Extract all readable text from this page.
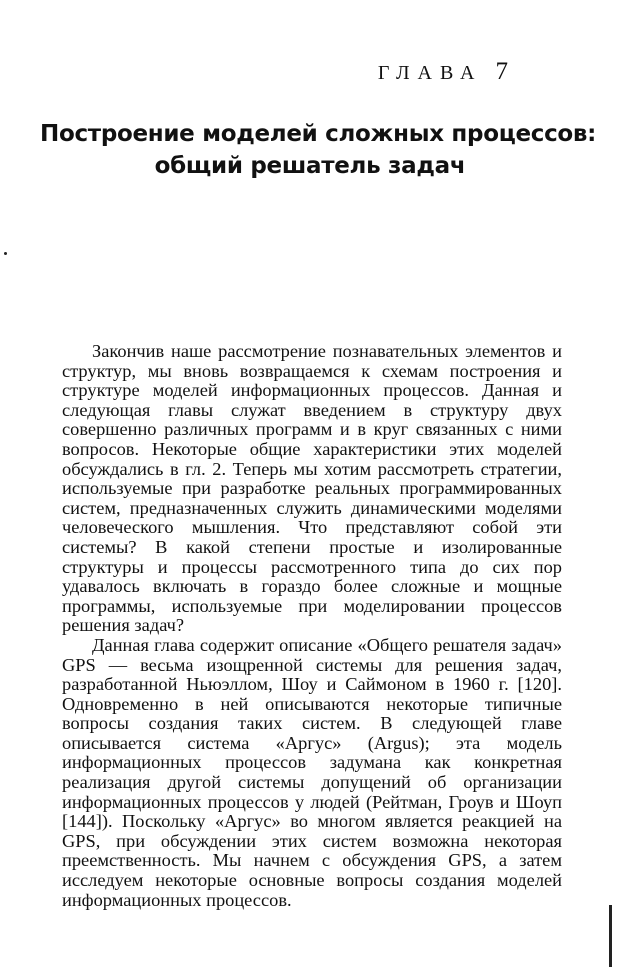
ГЛАВА 7
Построение моделей сложных процессов:
общий решатель задач

Закончив наше рассмотрение познавательных элементов и структур, мы вновь возвращаемся к схемам построения и структуре моделей информационных процессов. Данная и следующая главы служат введением в структуру двух совершенно различных программ и в круг связанных с ними вопросов. Некоторые общие характеристики этих моделей обсуждались в гл. 2. Теперь мы хотим рассмотреть стратегии, используемые при разработке реальных программированных систем, предназначенных служить динамическими моделями человеческого мышления. Что представляют собой эти системы? В какой степени простые и изолированные структуры и процессы рассмотренного типа до сих пор удавалось включать в гораздо более сложные и мощные программы, используемые при моделировании процессов решения задач?

Данная глава содержит описание «Общего решателя задач» GPS — весьма изощренной системы для решения задач, разработанной Ньюэллом, Шоу и Саймоном в 1960 г. [120]. Одновременно в ней описываются некоторые типичные вопросы создания таких систем. В следующей главе описывается система «Аргус» (Argus); эта модель информационных процессов задумана как конкретная реализация другой системы допущений об организации информационных процессов у людей (Рейтман, Гроув и Шоуп [144]). Поскольку «Аргус» во многом является реакцией на GPS, при обсуждении этих систем возможна некоторая преемственность. Мы начнем с обсуждения GPS, а затем исследуем некоторые основные вопросы создания моделей информационных процессов.
